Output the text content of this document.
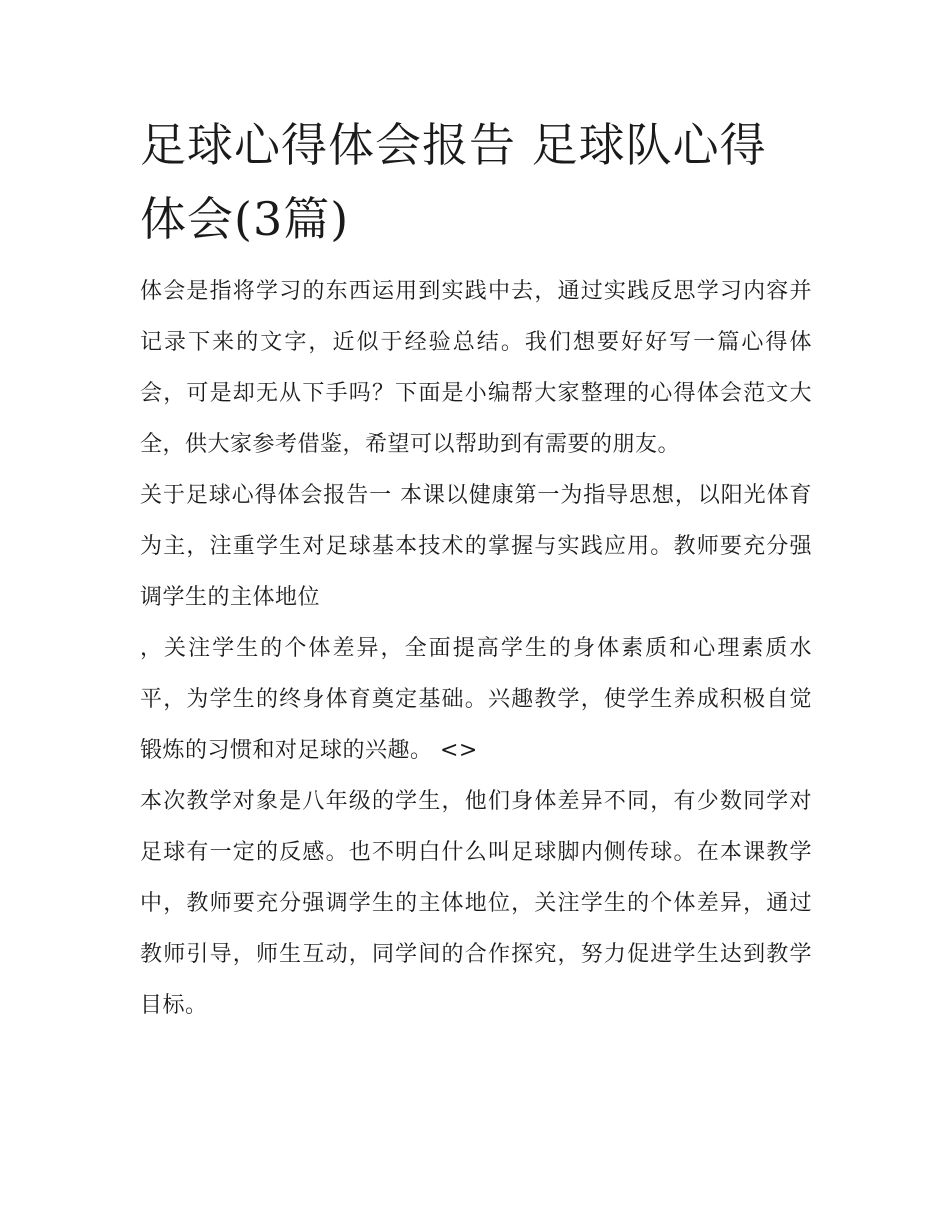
足球心得体会报告 足球队心得体会(3篇)

体会是指将学习的东西运用到实践中去，通过实践反思学习内容并记录下来的文字，近似于经验总结。我们想要好好写一篇心得体会，可是却无从下手吗？下面是小编帮大家整理的心得体会范文大全，供大家参考借鉴，希望可以帮助到有需要的朋友。

关于足球心得体会报告一 本课以健康第一为指导思想，以阳光体育为主，注重学生对足球基本技术的掌握与实践应用。教师要充分强调学生的主体地位

，关注学生的个体差异，全面提高学生的身体素质和心理素质水平，为学生的终身体育奠定基础。兴趣教学，使学生养成积极自觉锻炼的习惯和对足球的兴趣。 <>

本次教学对象是八年级的学生，他们身体差异不同，有少数同学对足球有一定的反感。也不明白什么叫足球脚内侧传球。在本课教学中，教师要充分强调学生的主体地位，关注学生的个体差异，通过教师引导，师生互动，同学间的合作探究，努力促进学生达到教学目标。
